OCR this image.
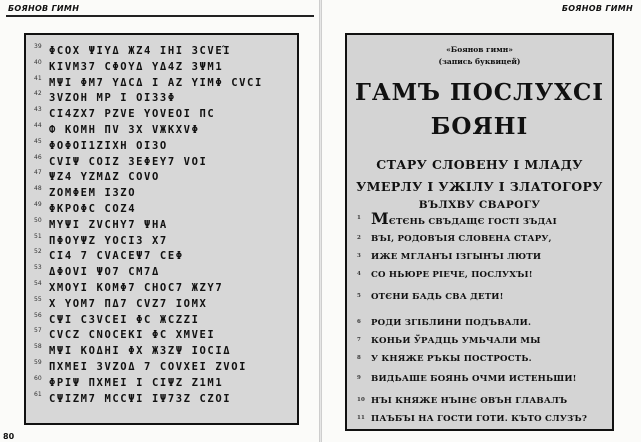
БОЯНОВ ГИМН	БОЯНОВ ГИМН
39 ΦϹΟΧ ΨΙΥΔ ЖΖ4 ΙΗΙ ЗϹVΕΊ
40 ΚΙVΜЗ7 ϹΦΟΥΔ ΥΔ4Ζ ЗΨΜ1
41 ΜΨΙ ΦΜ7 ΥΔϹΔ Ι ΑΖ ΥΙΜΦ ϹVϹΙ
42 ЗVΖΟΗ ΜΡ Ι ΟΙЗЗΦ
43 ϹΙ4ΖΧ7 ΡΖVΕ ΥΟVΕΟΙ ΠϹ
44 Ф ΚΟΜΗ ΠV ЗΧ VЖΚΧVΦ
45 ΦΟΦΟΙ1ΖΙΧΗ ΟΙЗΟ
46 ϹVΙΨ ϹΟΙΖ ЗЕΦЕΥ7 VΟΙ
47 ΨΖ4 ΥΖΜΔΖ ϹΟVΟ
48 ΖΟΜΦΕΜ ΙЗΖΟ
49 ΦΚΡΟΦϹ ϹΟΖ4
50 ΜΥΨΙ ΖVϹΗΥ7 ΨΗΑ
51 ΠΦΟΥΨΖ ΥΟϹΙЗ Χ7
52 ϹΙ4 7 ϹVΑϹΕΨ7 ϹΕΦ
53 ΔΦΟVΙ ΨΟ7 ϹΜ7Δ
54 ΧΜΟΥΙ ΚΟΜΦ7 ϹΗΟϹ7 ЖΖΥ7
55 Χ ΥΟΜ7 ΠΔ7 ϹVΖ7 ΙΟΜΧ
56 ϹΨΙ ϹЗVϹΕΙ ΦϹ ЖϹΖΖΙ
57 ϹVϹΖ ϹΝΟϹΕΚΙ ΦϹ ΧΜVΕΙ
58 ΜΨΙ ΚΟΔΗΙ ΦΧ ЖЗΖΨ ΙΟϹΙΔ
59 ΠΧΜΕΙ ЗVΖΟΔ 7 ϹΟVΧΕΙ ΖVΟΙ
60 ΦΡΙΨ ΠΧΜΕΙ Ι ϹΙΨΖ Ζ1Μ1
61 ϹΨΙΖΜ7 ΜϹϹΨΙ ΙΨ7ЗΖ ϹΖΟΙ
80
«Боянов гимн»
(запись буквицей)
ГАМЪ ПОСЛУХСІ
БОЯНІ
СТАРУ СЛОВЕНУ І МЛАДУ
УМЕРЛУ І УЖІЛУ І ЗЛАТОГОРУ
ВЪЛХВУ СВАРОГУ
1 МЄТЄНЬ СВЪДАЩЄ ГОСТІ ЗЪДАІ
2 ВЪІ, РОДОВЪІЯ СЛОВЕНА СТАРУ,
3 ИЖЕ МГЛАНЪІ ІЗГЫНЪІ ЛЮТИ
4 СО НЬЮРЕ РІЕЧЕ, ПОСЛУХЪІ!
5 ОТЄНИ БАДЬ СВА ДЕТИ!
6 РОДИ ЗГІБЛИНИ ПОДЪВАЛИ.
7 КОНЬИ ЎРАДЦЬ УМЬЧАЛИ МЫ
8 У КНЯЖЕ РЪКЫ ПОСТРОСТЬ.
9 ВИДЬАШЕ БОЯНЬ ОЧМИ ИСТЕНЬШИ!
10 НЪІ КНЯЖЕ НЪІНЄ ОВЪН ГЛАВАЛЪ
11 ПАЪБЪІ НА ГОСТИ ГОТИ. КЪТО СЛУЗЪ?
